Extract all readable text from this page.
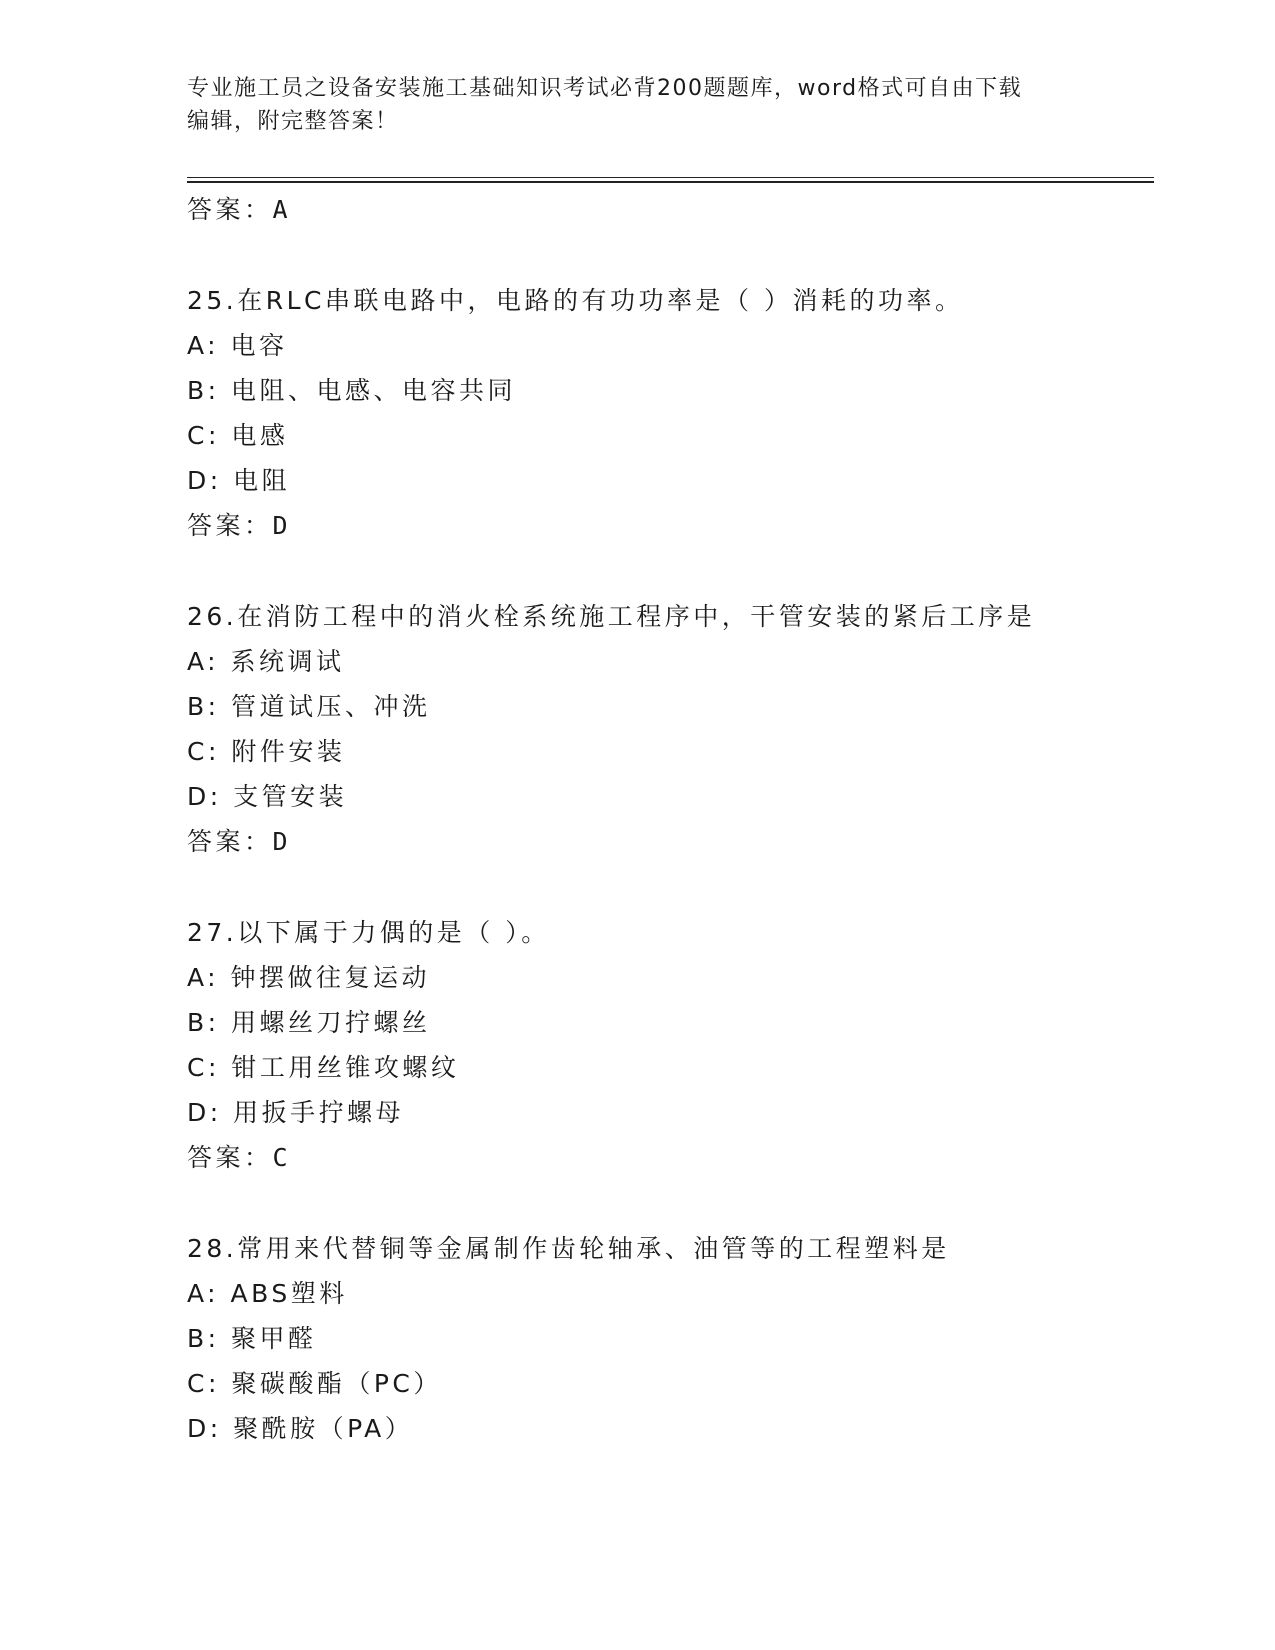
专业施工员之设备安装施工基础知识考试必背200题题库，word格式可自由下载
编辑，附完整答案！
答案：A
25.在RLC串联电路中，电路的有功功率是（ ）消耗的功率。
A: 电容
B: 电阻、电感、电容共同
C: 电感
D: 电阻
答案：D
26.在消防工程中的消火栓系统施工程序中，干管安装的紧后工序是
A: 系统调试
B: 管道试压、冲洗
C: 附件安装
D: 支管安装
答案：D
27.以下属于力偶的是（ ）。
A: 钟摆做往复运动
B: 用螺丝刀拧螺丝
C: 钳工用丝锥攻螺纹
D: 用扳手拧螺母
答案：C
28.常用来代替铜等金属制作齿轮轴承、油管等的工程塑料是
A: ABS塑料
B: 聚甲醛
C: 聚碳酸酯（PC）
D: 聚酰胺（PA）
